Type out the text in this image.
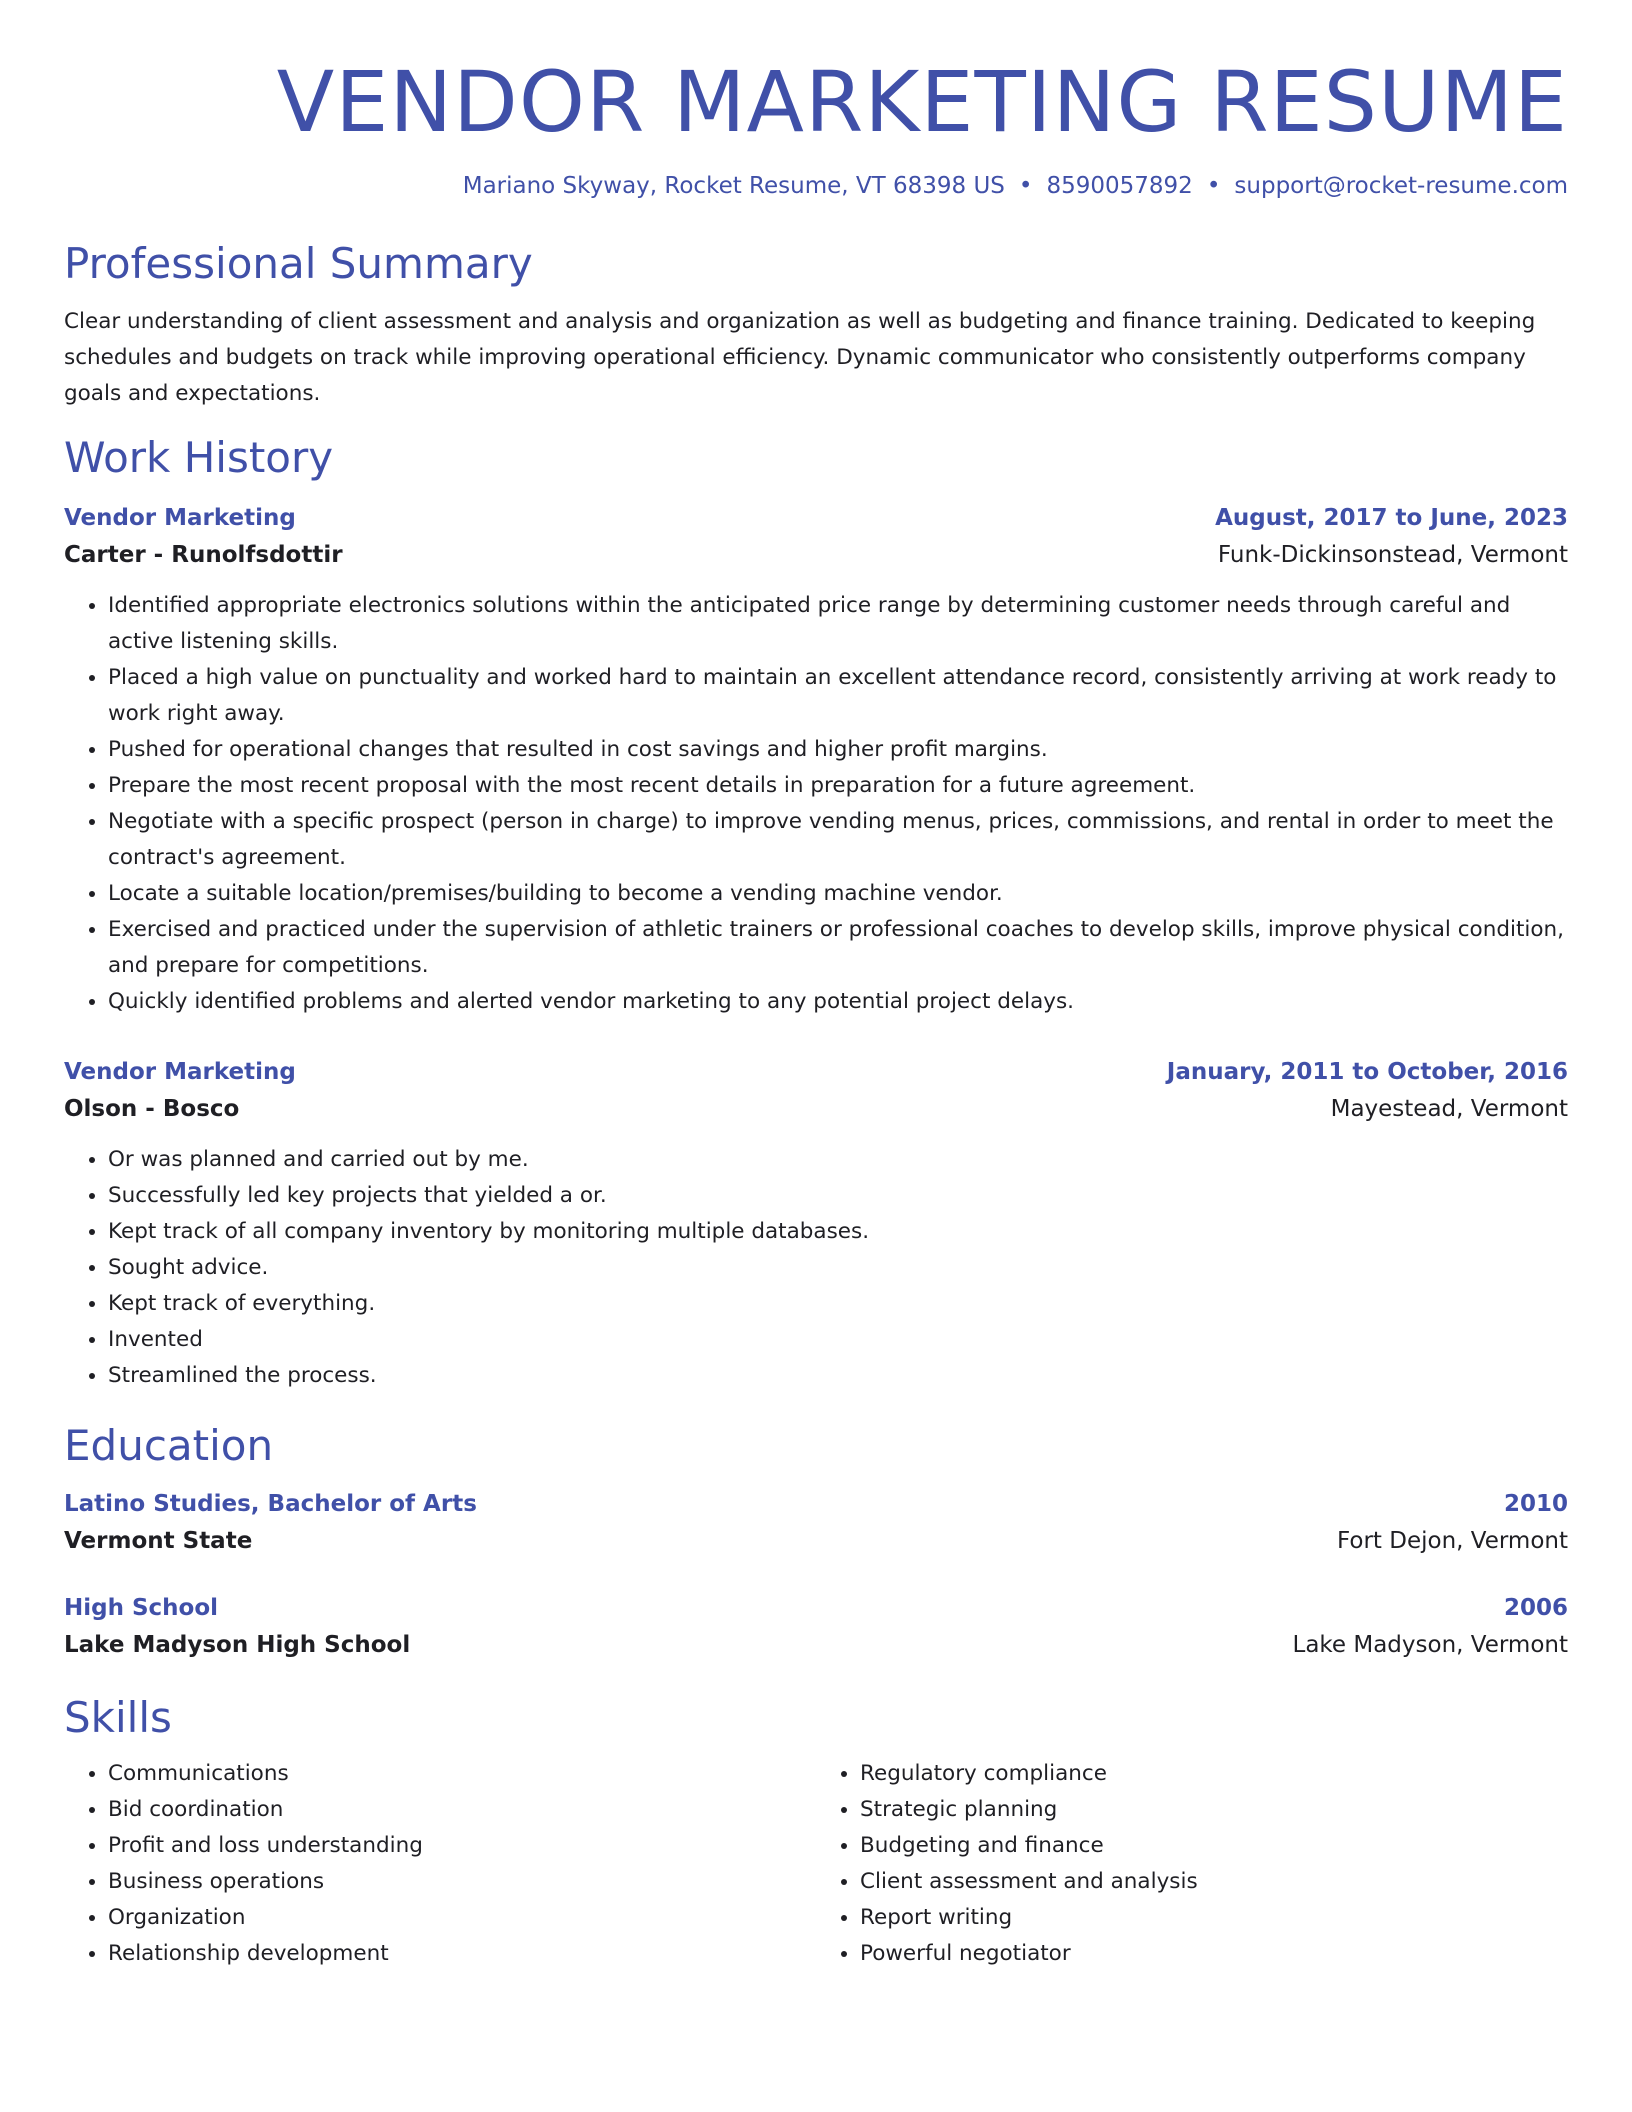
VENDOR MARKETING RESUME
Mariano Skyway, Rocket Resume, VT 68398 US • 8590057892 • support@rocket-resume.com
Professional Summary

Clear understanding of client assessment and analysis and organization as well as budgeting and finance training. Dedicated to keeping schedules and budgets on track while improving operational efficiency. Dynamic communicator who consistently outperforms company goals and expectations.

Work History
Vendor Marketing	August, 2017 to June, 2023
Carter - Runolfsdottir	Funk-Dickinsonstead, Vermont
• Identified appropriate electronics solutions within the anticipated price range by determining customer needs through careful and active listening skills.
• Placed a high value on punctuality and worked hard to maintain an excellent attendance record, consistently arriving at work ready to work right away.
• Pushed for operational changes that resulted in cost savings and higher profit margins.
• Prepare the most recent proposal with the most recent details in preparation for a future agreement.
• Negotiate with a specific prospect (person in charge) to improve vending menus, prices, commissions, and rental in order to meet the contract's agreement.
• Locate a suitable location/premises/building to become a vending machine vendor.
• Exercised and practiced under the supervision of athletic trainers or professional coaches to develop skills, improve physical condition, and prepare for competitions.
• Quickly identified problems and alerted vendor marketing to any potential project delays.
Vendor Marketing	January, 2011 to October, 2016
Olson - Bosco	Mayestead, Vermont
• Or was planned and carried out by me.
• Successfully led key projects that yielded a or.
• Kept track of all company inventory by monitoring multiple databases.
• Sought advice.
• Kept track of everything.
• Invented
• Streamlined the process.
Education
Latino Studies, Bachelor of Arts	2010
Vermont State	Fort Dejon, Vermont
High School	2006
Lake Madyson High School	Lake Madyson, Vermont
Skills
• Communications
• Bid coordination
• Profit and loss understanding
• Business operations
• Organization
• Relationship development
• Regulatory compliance
• Strategic planning
• Budgeting and finance
• Client assessment and analysis
• Report writing
• Powerful negotiator
